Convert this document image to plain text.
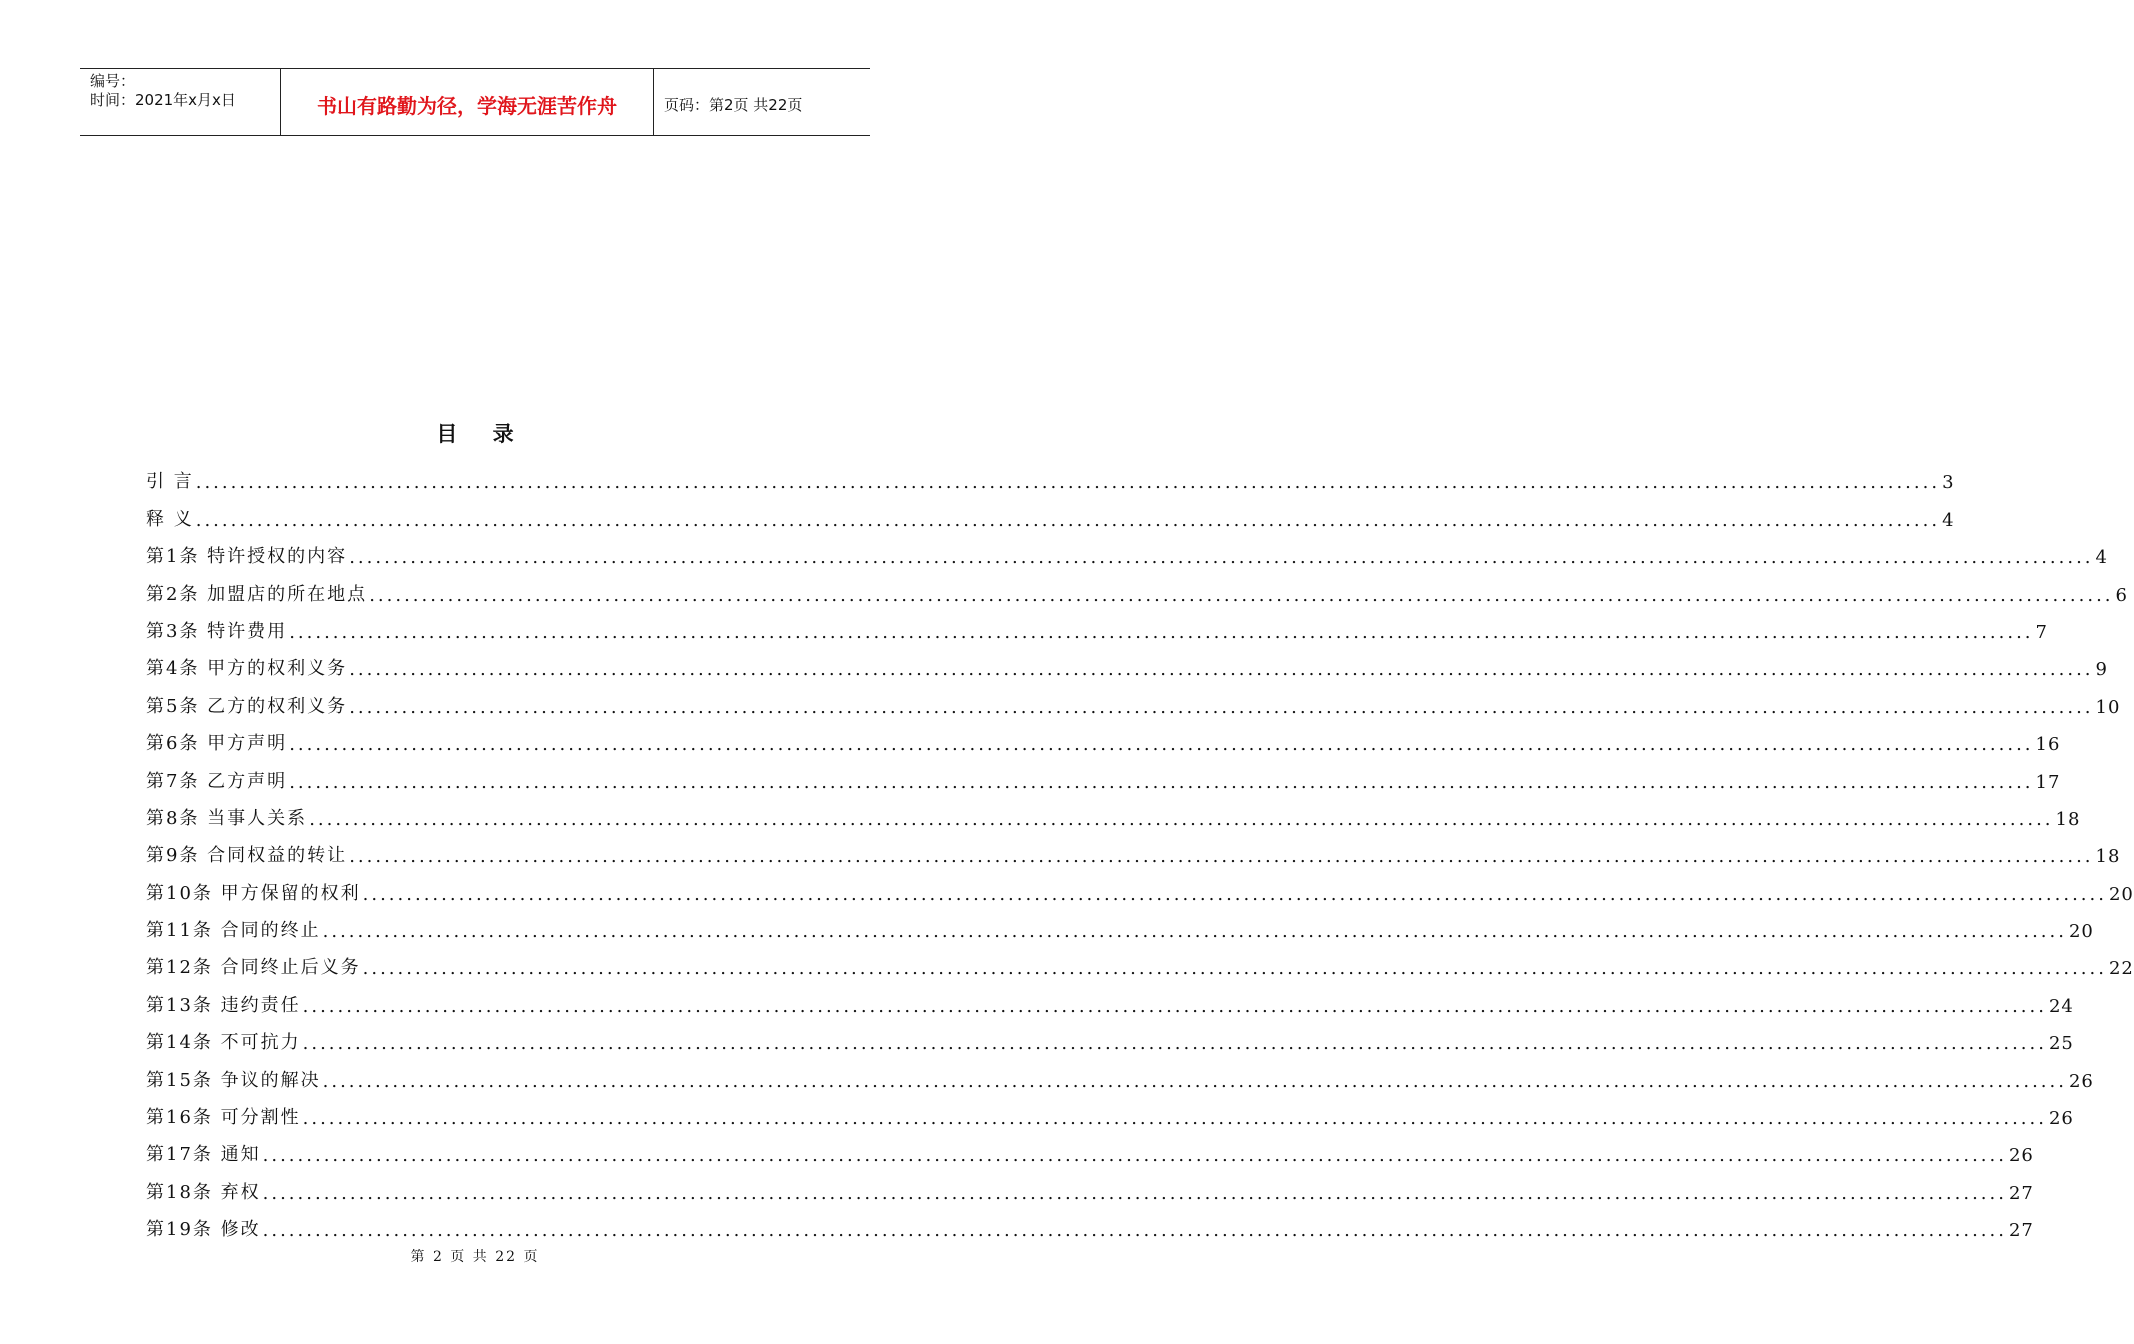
编号：
时间：2021年x月x日	书山有路勤为径，学海无涯苦作舟	页码：第2页 共22页
目 录
引 言 ........................................................................................................................................................................................................ 3
释 义 ........................................................................................................................................................................................................ 4
第1条 特许授权的内容 ........................................................................................................................................................................................................ 4
第2条 加盟店的所在地点 ........................................................................................................................................................................................................ 6
第3条 特许费用 ........................................................................................................................................................................................................ 7
第4条 甲方的权利义务 ........................................................................................................................................................................................................ 9
第5条 乙方的权利义务 ........................................................................................................................................................................................................ 10
第6条 甲方声明 ........................................................................................................................................................................................................ 16
第7条 乙方声明 ........................................................................................................................................................................................................ 17
第8条 当事人关系 ........................................................................................................................................................................................................ 18
第9条 合同权益的转让 ........................................................................................................................................................................................................ 18
第10条 甲方保留的权利 ........................................................................................................................................................................................................ 20
第11条 合同的终止 ........................................................................................................................................................................................................ 20
第12条 合同终止后义务 ........................................................................................................................................................................................................ 22
第13条 违约责任 ........................................................................................................................................................................................................ 24
第14条 不可抗力 ........................................................................................................................................................................................................ 25
第15条 争议的解决 ........................................................................................................................................................................................................ 26
第16条 可分割性 ........................................................................................................................................................................................................ 26
第17条 通知 ........................................................................................................................................................................................................ 26
第18条 弃权 ........................................................................................................................................................................................................ 27
第19条 修改 ........................................................................................................................................................................................................ 27
第 2 页 共 22 页
